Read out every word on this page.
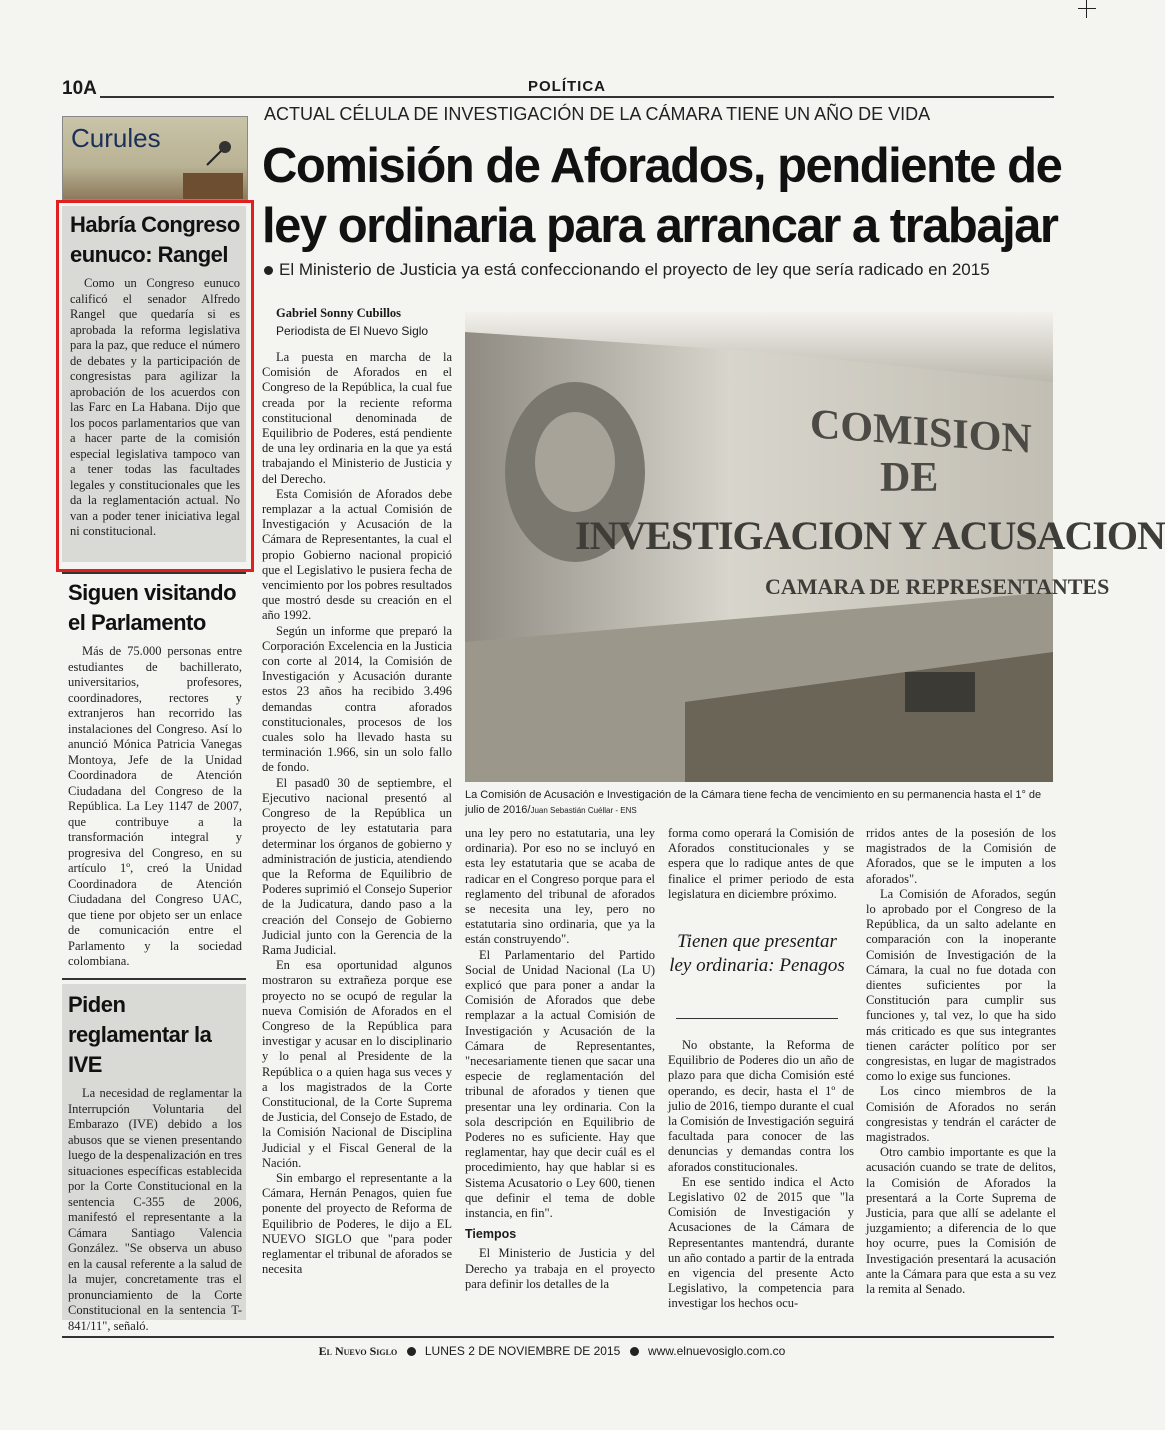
10A	POLÍTICA
Curules
Habría Congreso eunuco: Rangel
Como un Congreso eunuco calificó el senador Alfredo Rangel que quedaría si es aprobada la reforma legislativa para la paz, que reduce el número de debates y la participación de congresistas para agilizar la aprobación de los acuerdos con las Farc en La Habana. Dijo que los pocos parlamentarios que van a hacer parte de la comisión especial legislativa tampoco van a tener todas las facultades legales y constitucionales que les da la reglamentación actual. No van a poder tener iniciativa legal ni constitucional.
Siguen visitando el Parlamento
Más de 75.000 personas entre estudiantes de bachillerato, universitarios, profesores, coordinadores, rectores y extranjeros han recorrido las instalaciones del Congreso. Así lo anunció Mónica Patricia Vanegas Montoya, Jefe de la Unidad Coordinadora de Atención Ciudadana del Congreso de la República. La Ley 1147 de 2007, que contribuye a la transformación integral y progresiva del Congreso, en su artículo 1º, creó la Unidad Coordinadora de Atención Ciudadana del Congreso UAC, que tiene por objeto ser un enlace de comunicación entre el Parlamento y la sociedad colombiana.
Piden reglamentar la IVE
La necesidad de reglamentar la Interrupción Voluntaria del Embarazo (IVE) debido a los abusos que se vienen presentando luego de la despenalización en tres situaciones específicas establecida por la Corte Constitucional en la sentencia C-355 de 2006, manifestó el representante a la Cámara Santiago Valencia González. "Se observa un abuso en la causal referente a la salud de la mujer, concretamente tras el pronunciamiento de la Corte Constitucional en la sentencia T-841/11", señaló.
ACTUAL CÉLULA DE INVESTIGACIÓN DE LA CÁMARA TIENE UN AÑO DE VIDA
Comisión de Aforados, pendiente de ley ordinaria para arrancar a trabajar
El Ministerio de Justicia ya está confeccionando el proyecto de ley que sería radicado en 2015
Gabriel Sonny Cubillos
Periodista de El Nuevo Siglo

La puesta en marcha de la Comisión de Aforados en el Congreso de la República, la cual fue creada por la reciente reforma constitucional denominada de Equilibrio de Poderes, está pendiente de una ley ordinaria en la que ya está trabajando el Ministerio de Justicia y del Derecho.

Esta Comisión de Aforados debe remplazar a la actual Comisión de Investigación y Acusación de la Cámara de Representantes, la cual el propio Gobierno nacional propició que el Legislativo le pusiera fecha de vencimiento por los pobres resultados que mostró desde su creación en el año 1992.

Según un informe que preparó la Corporación Excelencia en la Justicia con corte al 2014, la Comisión de Investigación y Acusación durante estos 23 años ha recibido 3.496 demandas contra aforados constitucionales, procesos de los cuales solo ha llevado hasta su terminación 1.966, sin un solo fallo de fondo.

El pasad0 30 de septiembre, el Ejecutivo nacional presentó al Congreso de la República un proyecto de ley estatutaria para determinar los órganos de gobierno y administración de justicia, atendiendo que la Reforma de Equilibrio de Poderes suprimió el Consejo Superior de la Judicatura, dando paso a la creación del Consejo de Gobierno Judicial junto con la Gerencia de la Rama Judicial.

En esa oportunidad algunos mostraron su extrañeza porque ese proyecto no se ocupó de regular la nueva Comisión de Aforados en el Congreso de la República para investigar y acusar en lo disciplinario y lo penal al Presidente de la República o a quien haga sus veces y a los magistrados de la Corte Constitucional, de la Corte Suprema de Justicia, del Consejo de Estado, de la Comisión Nacional de Disciplina Judicial y el Fiscal General de la Nación.

Sin embargo el representante a la Cámara, Hernán Penagos, quien fue ponente del proyecto de Reforma de Equilibrio de Poderes, le dijo a EL NUEVO SIGLO que "para poder reglamentar el tribunal de aforados se necesita

COMISION
DE
INVESTIGACION Y ACUSACION
CAMARA DE REPRESENTANTES
La Comisión de Acusación e Investigación de la Cámara tiene fecha de vencimiento en su permanencia hasta el 1° de julio de 2016/Juan Sebastián Cuéllar - ENS

una ley pero no estatutaria, una ley ordinaria). Por eso no se incluyó en esta ley estatutaria que se acaba de radicar en el Congreso porque para el reglamento del tribunal de aforados se necesita una ley, pero no estatutaria sino ordinaria, que ya la están construyendo".

El Parlamentario del Partido Social de Unidad Nacional (La U) explicó que para poner a andar la Comisión de Aforados que debe remplazar a la actual Comisión de Investigación y Acusación de la Cámara de Representantes, "necesariamente tienen que sacar una especie de reglamentación del tribunal de aforados y tienen que presentar una ley ordinaria. Con la sola descripción en Equilibrio de Poderes no es suficiente. Hay que reglamentar, hay que decir cuál es el procedimiento, hay que hablar si es Sistema Acusatorio o Ley 600, tienen que definir el tema de doble instancia, en fin".

Tiempos

El Ministerio de Justicia y del Derecho ya trabaja en el proyecto para definir los detalles de la

forma como operará la Comisión de Aforados constitucionales y se espera que lo radique antes de que finalice el primer periodo de esta legislatura en diciembre próximo.

Tienen que presentar ley ordinaria: Penagos

No obstante, la Reforma de Equilibrio de Poderes dio un año de plazo para que dicha Comisión esté operando, es decir, hasta el 1º de julio de 2016, tiempo durante el cual la Comisión de Investigación seguirá facultada para conocer de las denuncias y demandas contra los aforados constitucionales.

En ese sentido indica el Acto Legislativo 02 de 2015 que "la Comisión de Investigación y Acusaciones de la Cámara de Representantes mantendrá, durante un año contado a partir de la entrada en vigencia del presente Acto Legislativo, la competencia para investigar los hechos ocu-

rridos antes de la posesión de los magistrados de la Comisión de Aforados, que se le imputen a los aforados".

La Comisión de Aforados, según lo aprobado por el Congreso de la República, da un salto adelante en comparación con la inoperante Comisión de Investigación de la Cámara, la cual no fue dotada con dientes suficientes por la Constitución para cumplir sus funciones y, tal vez, lo que ha sido más criticado es que sus integrantes tienen carácter político por ser congresistas, en lugar de magistrados como lo exige sus funciones.

Los cinco miembros de la Comisión de Aforados no serán congresistas y tendrán el carácter de magistrados.

Otro cambio importante es que la acusación cuando se trate de delitos, la Comisión de Aforados la presentará a la Corte Suprema de Justicia, para que allí se adelante el juzgamiento; a diferencia de lo que hoy ocurre, pues la Comisión de Investigación presentará la acusación ante la Cámara para que esta a su vez la remita al Senado.

El Nuevo Siglo LUNES 2 DE NOVIEMBRE DE 2015 www.elnuevosiglo.com.co
